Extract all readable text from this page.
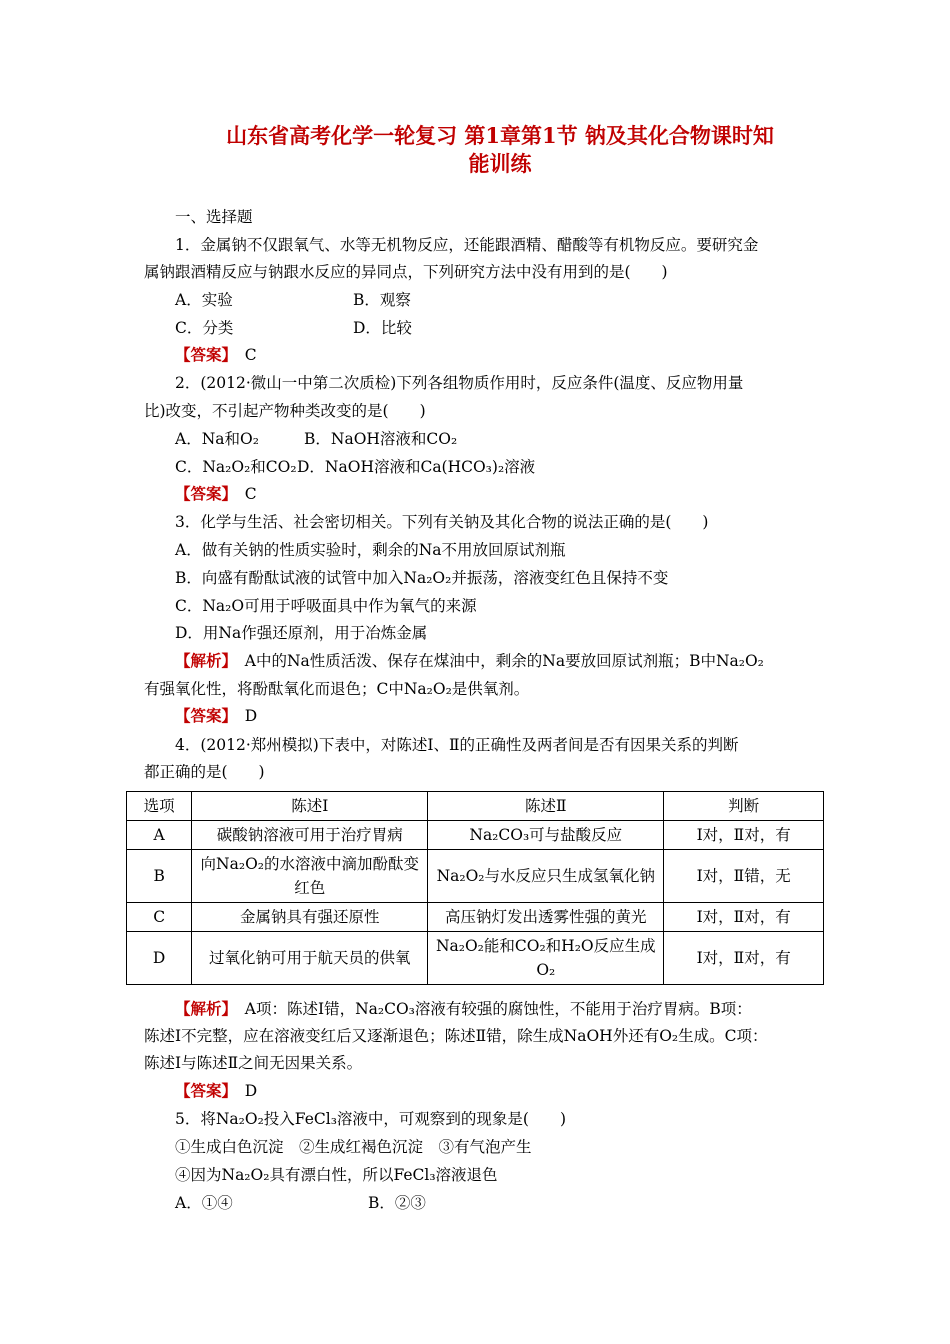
山东省高考化学一轮复习 第1章第1节 钠及其化合物课时知
能训练
一、选择题
1．金属钠不仅跟氧气、水等无机物反应，还能跟酒精、醋酸等有机物反应。要研究金
属钠跟酒精反应与钠跟水反应的异同点，下列研究方法中没有用到的是(　　)
A．实验	B．观察
C．分类	D．比较
【答案】　 C
2．(2012·微山一中第二次质检)下列各组物质作用时，反应条件(温度、反应物用量
比)改变，不引起产物种类改变的是(　　)
A．Na和O₂	B．NaOH溶液和CO₂
C．Na₂O₂和CO₂ D．NaOH溶液和Ca(HCO₃)₂溶液
【答案】　 C
3．化学与生活、社会密切相关。下列有关钠及其化合物的说法正确的是(　　)
A．做有关钠的性质实验时，剩余的Na不用放回原试剂瓶
B．向盛有酚酞试液的试管中加入Na₂O₂并振荡，溶液变红色且保持不变
C．Na₂O可用于呼吸面具中作为氧气的来源
D．用Na作强还原剂，用于冶炼金属
【解析】　A中的Na性质活泼、保存在煤油中，剩余的Na要放回原试剂瓶；B中Na₂O₂
有强氧化性，将酚酞氧化而退色；C中Na₂O₂是供氧剂。
【答案】　 D
4．(2012·郑州模拟)下表中，对陈述Ⅰ、Ⅱ的正确性及两者间是否有因果关系的判断
都正确的是(　　)
选项	陈述Ⅰ	陈述Ⅱ	判断
A	碳酸钠溶液可用于治疗胃病	Na₂CO₃可与盐酸反应	Ⅰ对，Ⅱ对，有
B	向Na₂O₂的水溶液中滴加酚酞变红色	Na₂O₂与水反应只生成氢氧化钠	Ⅰ对，Ⅱ错，无
C	金属钠具有强还原性	高压钠灯发出透雾性强的黄光	Ⅰ对，Ⅱ对，有
D	过氧化钠可用于航天员的供氧	Na₂O₂能和CO₂和H₂O反应生成O₂	Ⅰ对，Ⅱ对，有
【解析】　A项：陈述Ⅰ错，Na₂CO₃溶液有较强的腐蚀性，不能用于治疗胃病。B项：
陈述Ⅰ不完整，应在溶液变红后又逐渐退色；陈述Ⅱ错，除生成NaOH外还有O₂生成。C项：
陈述Ⅰ与陈述Ⅱ之间无因果关系。
【答案】　 D
5．将Na₂O₂投入FeCl₃溶液中，可观察到的现象是(　　)
①生成白色沉淀　②生成红褐色沉淀　③有气泡产生
④因为Na₂O₂具有漂白性，所以FeCl₃溶液退色
A．①④	B．②③
